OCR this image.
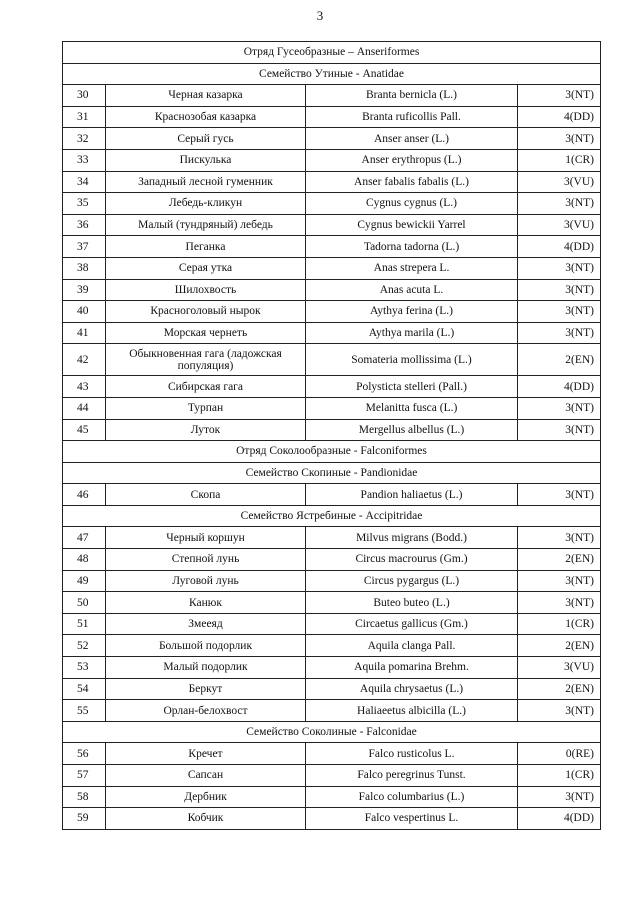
3
Отряд Гусеобразные – Anseriformes			
Семейство Утиные - Anatidae			
30	Черная казарка	Branta bernicla (L.)	3(NT)
31	Краснозобая казарка	Branta ruficollis Pall.	4(DD)
32	Серый гусь	Anser anser (L.)	3(NT)
33	Пискулька	Anser erythropus (L.)	1(CR)
34	Западный лесной гуменник	Anser fabalis fabalis (L.)	3(VU)
35	Лебедь-кликун	Cygnus cygnus (L.)	3(NT)
36	Малый (тундряный) лебедь	Cygnus bewickii Yarrel	3(VU)
37	Пеганка	Tadorna tadorna (L.)	4(DD)
38	Серая утка	Anas strepera L.	3(NT)
39	Шилохвость	Anas acuta L.	3(NT)
40	Красноголовый нырок	Aythya ferina (L.)	3(NT)
41	Морская чернеть	Aythya marila (L.)	3(NT)
42	Обыкновенная гага (ладожская популяция)	Somateria mollissima (L.)	2(EN)
43	Сибирская гага	Polysticta stelleri (Pall.)	4(DD)
44	Турпан	Melanitta fusca (L.)	3(NT)
45	Луток	Mergellus albellus (L.)	3(NT)
Отряд Соколообразные - Falconiformes			
Семейство Скопиные - Pandionidae			
46	Скопа	Pandion haliaetus (L.)	3(NT)
Семейство Ястребиные - Accipitridae			
47	Черный коршун	Milvus migrans (Bodd.)	3(NT)
48	Степной лунь	Circus macrourus (Gm.)	2(EN)
49	Луговой лунь	Circus pygargus (L.)	3(NT)
50	Канюк	Buteo buteo (L.)	3(NT)
51	Змееяд	Circaetus gallicus (Gm.)	1(CR)
52	Большой подорлик	Aquila clanga Pall.	2(EN)
53	Малый подорлик	Aquila pomarina Brehm.	3(VU)
54	Беркут	Aquila chrysaetus (L.)	2(EN)
55	Орлан-белохвост	Haliaeetus albicilla (L.)	3(NT)
Семейство Соколиные - Falconidae			
56	Кречет	Falco rusticolus L.	0(RE)
57	Сапсан	Falco peregrinus Tunst.	1(CR)
58	Дербник	Falco columbarius (L.)	3(NT)
59	Кобчик	Falco vespertinus L.	4(DD)
